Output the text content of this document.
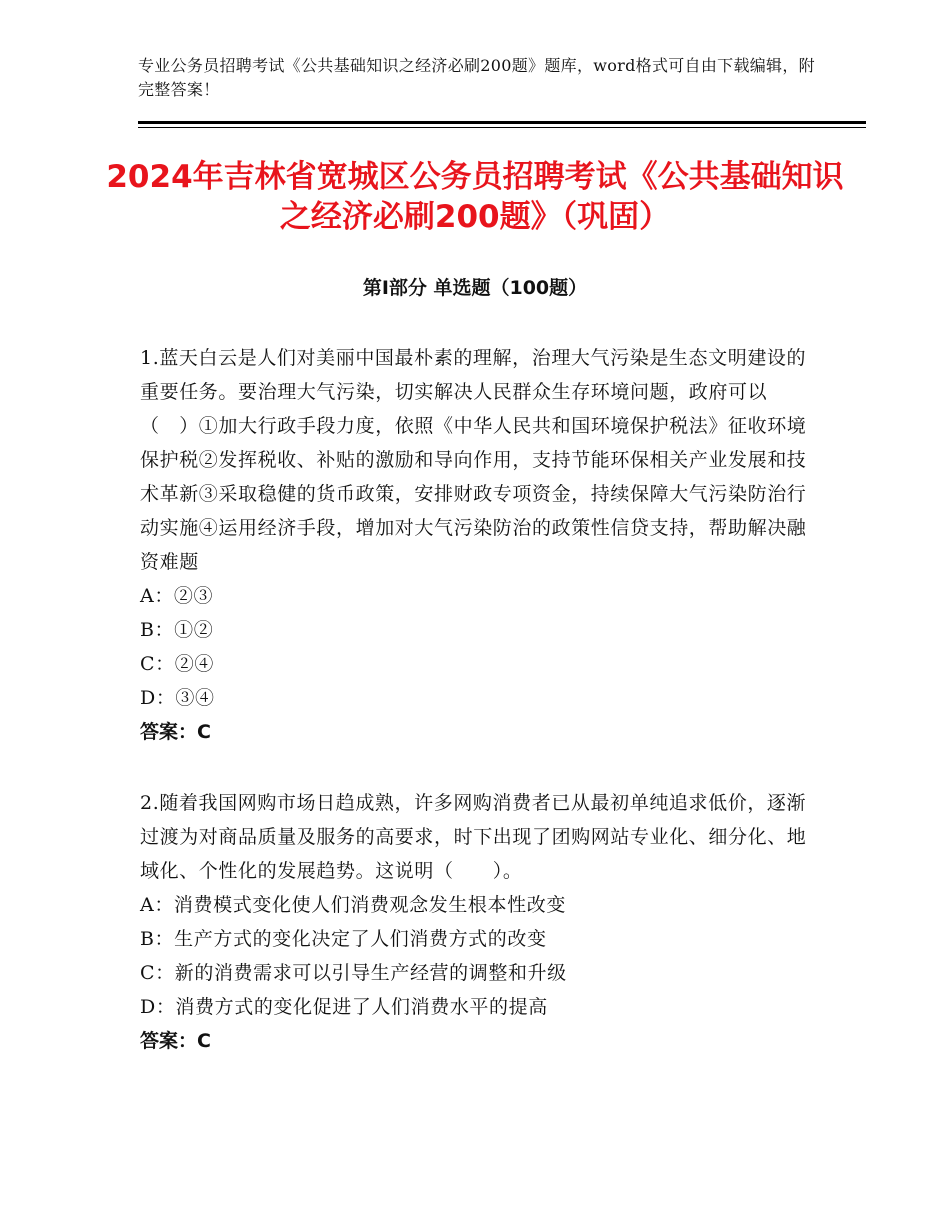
专业公务员招聘考试《公共基础知识之经济必刷200题》题库，word格式可自由下载编辑，附完整答案！
2024年吉林省宽城区公务员招聘考试《公共基础知识之经济必刷200题》（巩固）
第Ⅰ部分 单选题（100题）

1.蓝天白云是人们对美丽中国最朴素的理解，治理大气污染是生态文明建设的重要任务。要治理大气污染，切实解决人民群众生存环境问题，政府可以（　）①加大行政手段力度，依照《中华人民共和国环境保护税法》征收环境保护税②发挥税收、补贴的激励和导向作用，支持节能环保相关产业发展和技术革新③采取稳健的货币政策，安排财政专项资金，持续保障大气污染防治行动实施④运用经济手段，增加对大气污染防治的政策性信贷支持，帮助解决融资难题

A：②③

B：①②

C：②④

D：③④

答案：C

2.随着我国网购市场日趋成熟，许多网购消费者已从最初单纯追求低价，逐渐过渡为对商品质量及服务的高要求，时下出现了团购网站专业化、细分化、地域化、个性化的发展趋势。这说明（　　）。

A：消费模式变化使人们消费观念发生根本性改变

B：生产方式的变化决定了人们消费方式的改变

C：新的消费需求可以引导生产经营的调整和升级

D：消费方式的变化促进了人们消费水平的提高

答案：C
